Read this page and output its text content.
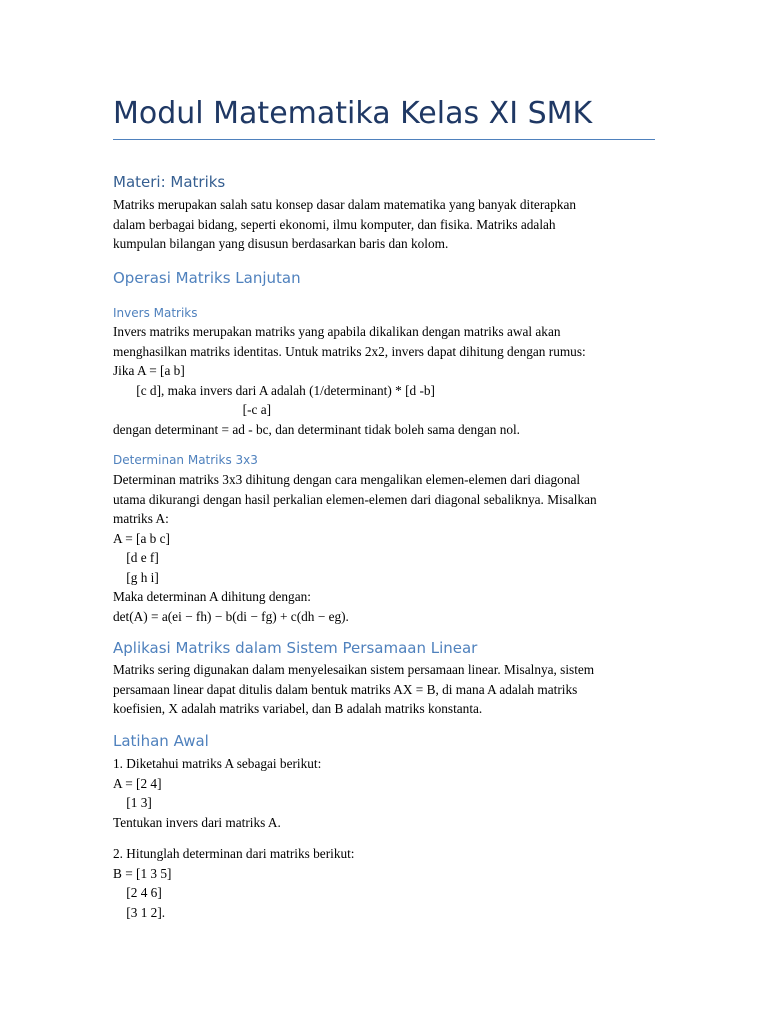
Modul Matematika Kelas XI SMK
Materi: Matriks
Matriks merupakan salah satu konsep dasar dalam matematika yang banyak diterapkan
dalam berbagai bidang, seperti ekonomi, ilmu komputer, dan fisika. Matriks adalah
kumpulan bilangan yang disusun berdasarkan baris dan kolom.
Operasi Matriks Lanjutan
Invers Matriks
Invers matriks merupakan matriks yang apabila dikalikan dengan matriks awal akan
menghasilkan matriks identitas. Untuk matriks 2x2, invers dapat dihitung dengan rumus:
Jika A = [a b]
[c d], maka invers dari A adalah (1/determinant) * [d -b]
[-c a]
dengan determinant = ad - bc, dan determinant tidak boleh sama dengan nol.
Determinan Matriks 3x3
Determinan matriks 3x3 dihitung dengan cara mengalikan elemen-elemen dari diagonal
utama dikurangi dengan hasil perkalian elemen-elemen dari diagonal sebaliknya. Misalkan
matriks A:
A = [a b c]
[d e f]
[g h i]
Maka determinan A dihitung dengan:
det(A) = a(ei − fh) − b(di − fg) + c(dh − eg).
Aplikasi Matriks dalam Sistem Persamaan Linear
Matriks sering digunakan dalam menyelesaikan sistem persamaan linear. Misalnya, sistem
persamaan linear dapat ditulis dalam bentuk matriks AX = B, di mana A adalah matriks
koefisien, X adalah matriks variabel, dan B adalah matriks konstanta.
Latihan Awal
1. Diketahui matriks A sebagai berikut:
A = [2 4]
[1 3]
Tentukan invers dari matriks A.
2. Hitunglah determinan dari matriks berikut:
B = [1 3 5]
[2 4 6]
[3 1 2].
